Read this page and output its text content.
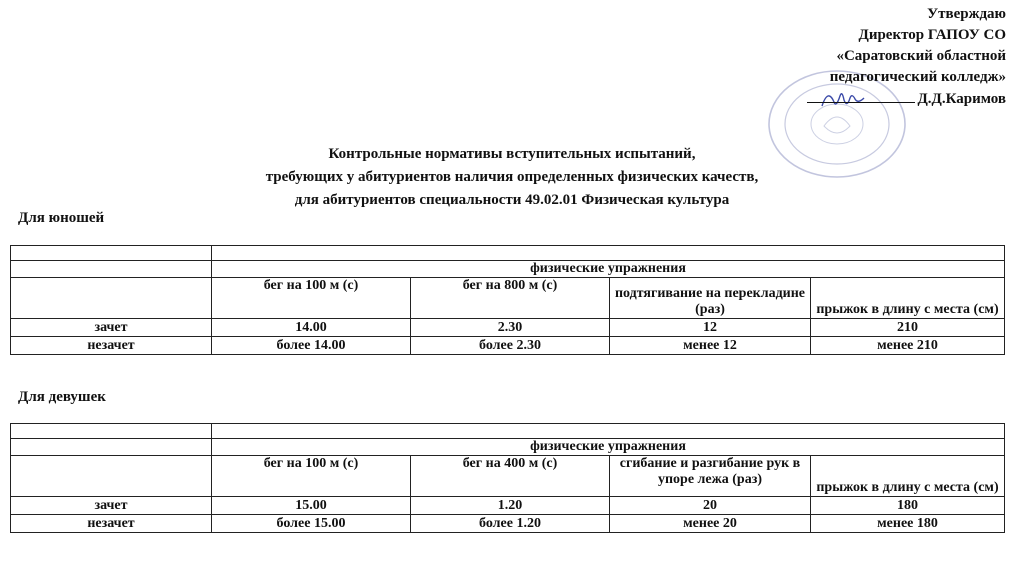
Утверждаю
Директор ГАПОУ СО
«Саратовский областной
педагогический колледж»
Д.Д.Каримов
Контрольные нормативы вступительных испытаний,
требующих у абитуриентов наличия определенных физических качеств,
для абитуриентов специальности 49.02.01 Физическая культура
Для юношей

	физические упражнения			
	бег на 100 м (с)	бег на 800 м (с)	подтягивание на перекладине (раз)	прыжок в длину с места (см)
зачет	14.00	2.30	12	210
незачет	более 14.00	более 2.30	менее 12	менее 210
Для девушек

	физические упражнения			
	бег на 100 м (с)	бег на 400 м (с)	сгибание и разгибание рук в упоре лежа (раз)	прыжок в длину с места (см)
зачет	15.00	1.20	20	180
незачет	более 15.00	более 1.20	менее 20	менее 180
